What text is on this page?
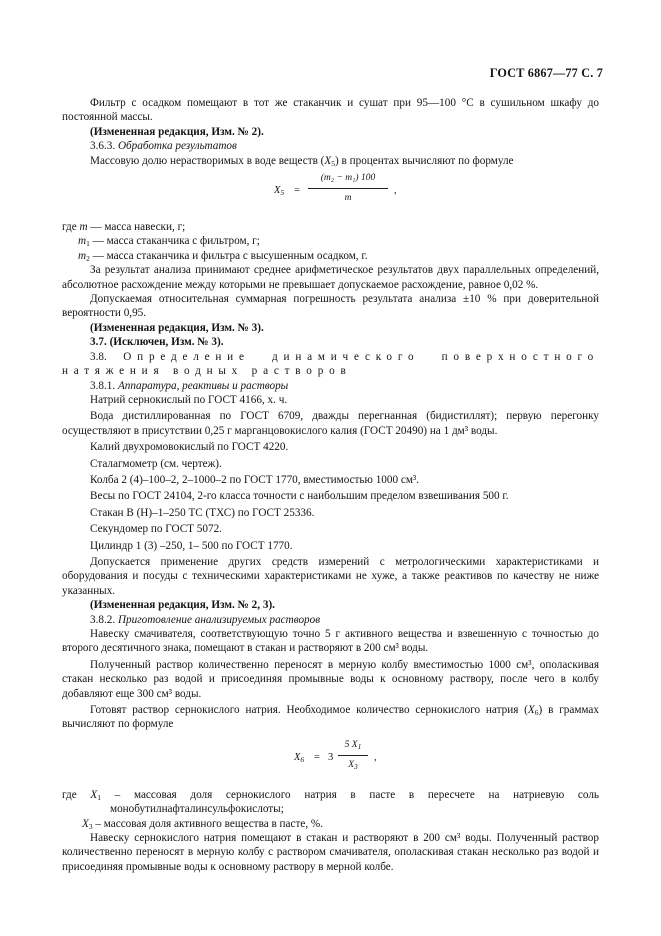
ГОСТ 6867—77 С. 7

Фильтр с осадком помещают в тот же стаканчик и сушат при 95—100 °С в сушильном шкафу до постоянной массы.

(Измененная редакция, Изм. № 2).

3.6.3. Обработка результатов

Массовую долю нерастворимых в воде веществ $(X_5)$ в процентах вычисляют по формуле

$X_5$ =
(m₂ − m₁) 100
m
,
где
m
— масса навески, г;
$m_1$
— масса стаканчика с фильтром, г;
$m_2$
— масса стаканчика и фильтра с высушенным осадком, г.

За результат анализа принимают среднее арифметическое результатов двух параллельных определений, абсолютное расхождение между которыми не превышает допускаемое расхождение, равное 0,02 %.

Допускаемая относительная суммарная погрешность результата анализа ±10 % при доверительной вероятности 0,95.

(Измененная редакция, Изм. № 3).

3.7. (Исключен, Изм. № 3).

3.8. Определение динамического поверхностного натяжения водных растворов

3.8.1. Аппаратура, реактивы и растворы

Натрий сернокислый по ГОСТ 4166, х. ч.

Вода дистиллированная по ГОСТ 6709, дважды перегнанная (бидистиллят); первую перегонку осуществляют в присутствии 0,25 г марганцовокислого калия (ГОСТ 20490) на 1 дм³ воды.

Калий двухромовокислый по ГОСТ 4220.

Сталагмометр (см. чертеж).

Колба 2 (4)–100–2, 2–1000–2 по ГОСТ 1770, вместимостью 1000 см³.

Весы по ГОСТ 24104, 2-го класса точности с наибольшим пределом взвешивания 500 г.

Стакан В (Н)–1–250 ТС (ТХС) по ГОСТ 25336.

Секундомер по ГОСТ 5072.

Цилиндр 1 (3) –250, 1– 500 по ГОСТ 1770.

Допускается применение других средств измерений с метрологическими характеристиками и оборудования и посуды с техническими характеристиками не хуже, а также реактивов по качеству не ниже указанных.

(Измененная редакция, Изм. № 2, 3).

3.8.2. Приготовление анализируемых растворов

Навеску смачивателя, соответствующую точно 5 г активного вещества и взвешенную с точностью до второго десятичного знака, помещают в стакан и растворяют в 200 см³ воды.

Полученный раствор количественно переносят в мерную колбу вместимостью 1000 см³, ополаскивая стакан несколько раз водой и присоединяя промывные воды к основному раствору, после чего в колбу добавляют еще 300 см³ воды.

Готовят раствор сернокислого натрия. Необходимое количество сернокислого натрия $(X_6)$ в граммах вычисляют по формуле

$X_6 = 3$
5 $X_1$
$X_3$
,

где $X_1$ – массовая доля сернокислого натрия в пасте в пересчете на натриевую соль монобутилнафталинсульфокислоты;

$X_3$ – массовая доля активного вещества в пасте, %.

Навеску сернокислого натрия помещают в стакан и растворяют в 200 см³ воды. Полученный раствор количественно переносят в мерную колбу с раствором смачивателя, ополаскивая стакан несколько раз водой и присоединяя промывные воды к основному раствору в мерной колбе.
